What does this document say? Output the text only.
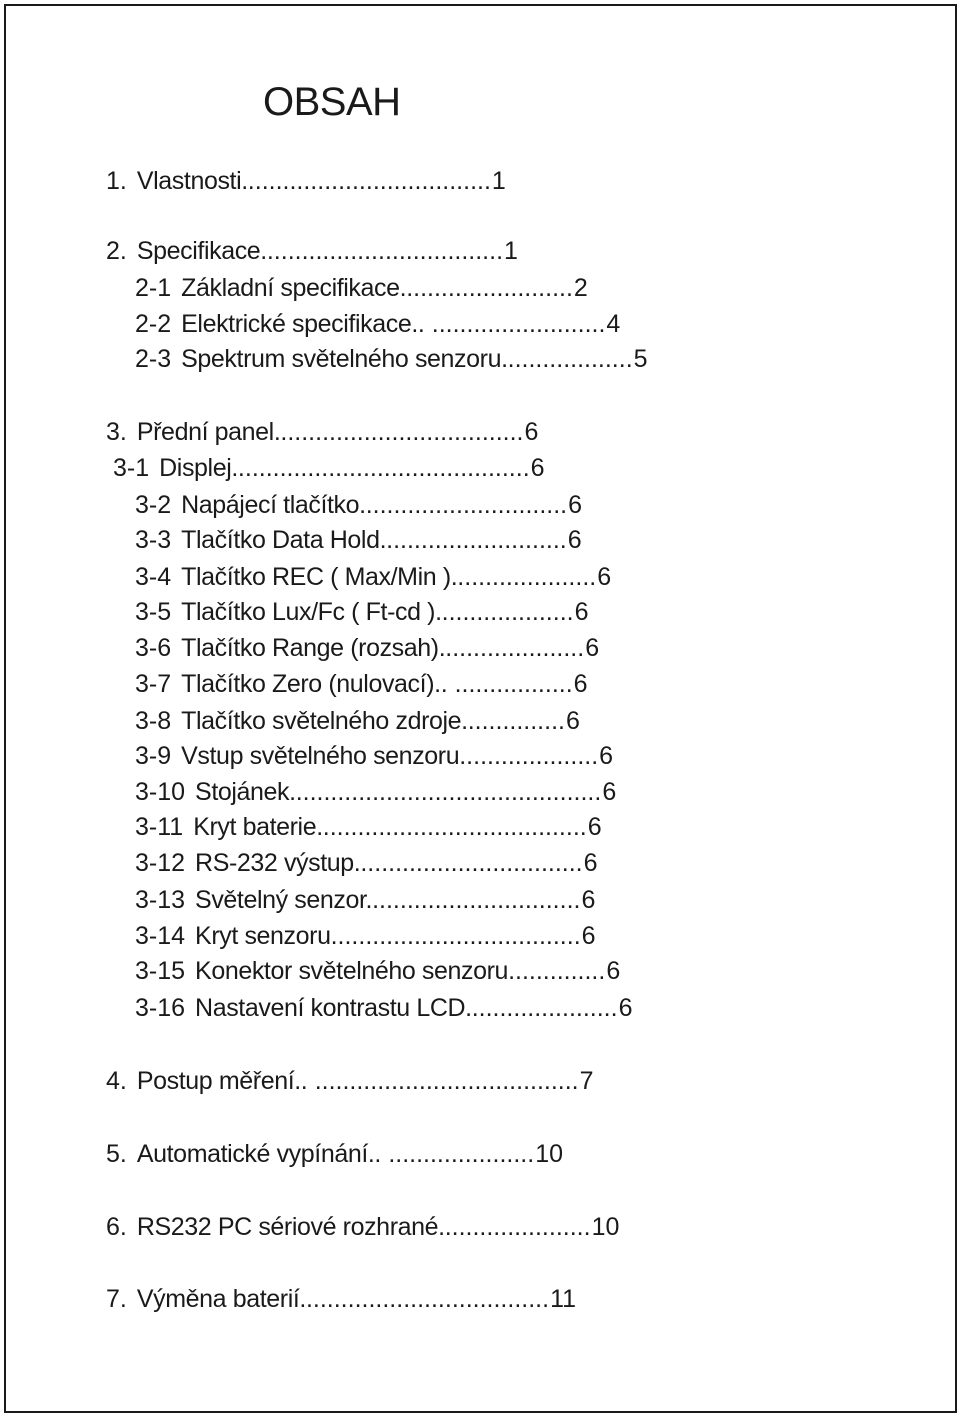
OBSAH
1. Vlastnosti....................................1
2. Specifikace...................................1
2-1 Základní specifikace.........................2
2-2 Elektrické specifikace.. .........................4
2-3 Spektrum světelného senzoru...................5
3. Přední panel....................................6
3-1 Displej...........................................6
3-2 Napájecí tlačítko..............................6
3-3 Tlačítko Data Hold...........................6
3-4 Tlačítko REC ( Max/Min ).....................6
3-5 Tlačítko Lux/Fc ( Ft-cd )....................6
3-6 Tlačítko Range (rozsah).....................6
3-7 Tlačítko Zero (nulovací).. .................6
3-8 Tlačítko světelného zdroje...............6
3-9 Vstup světelného senzoru....................6
3-10 Stojánek.............................................6
3-11 Kryt baterie.......................................6
3-12 RS-232 výstup.................................6
3-13 Světelný senzor...............................6
3-14 Kryt senzoru....................................6
3-15 Konektor světelného senzoru..............6
3-16 Nastavení kontrastu LCD......................6
4. Postup měření.. ......................................7
5. Automatické vypínání.. .....................10
6. RS232 PC sériové rozhrané......................10
7. Výměna baterií....................................11
